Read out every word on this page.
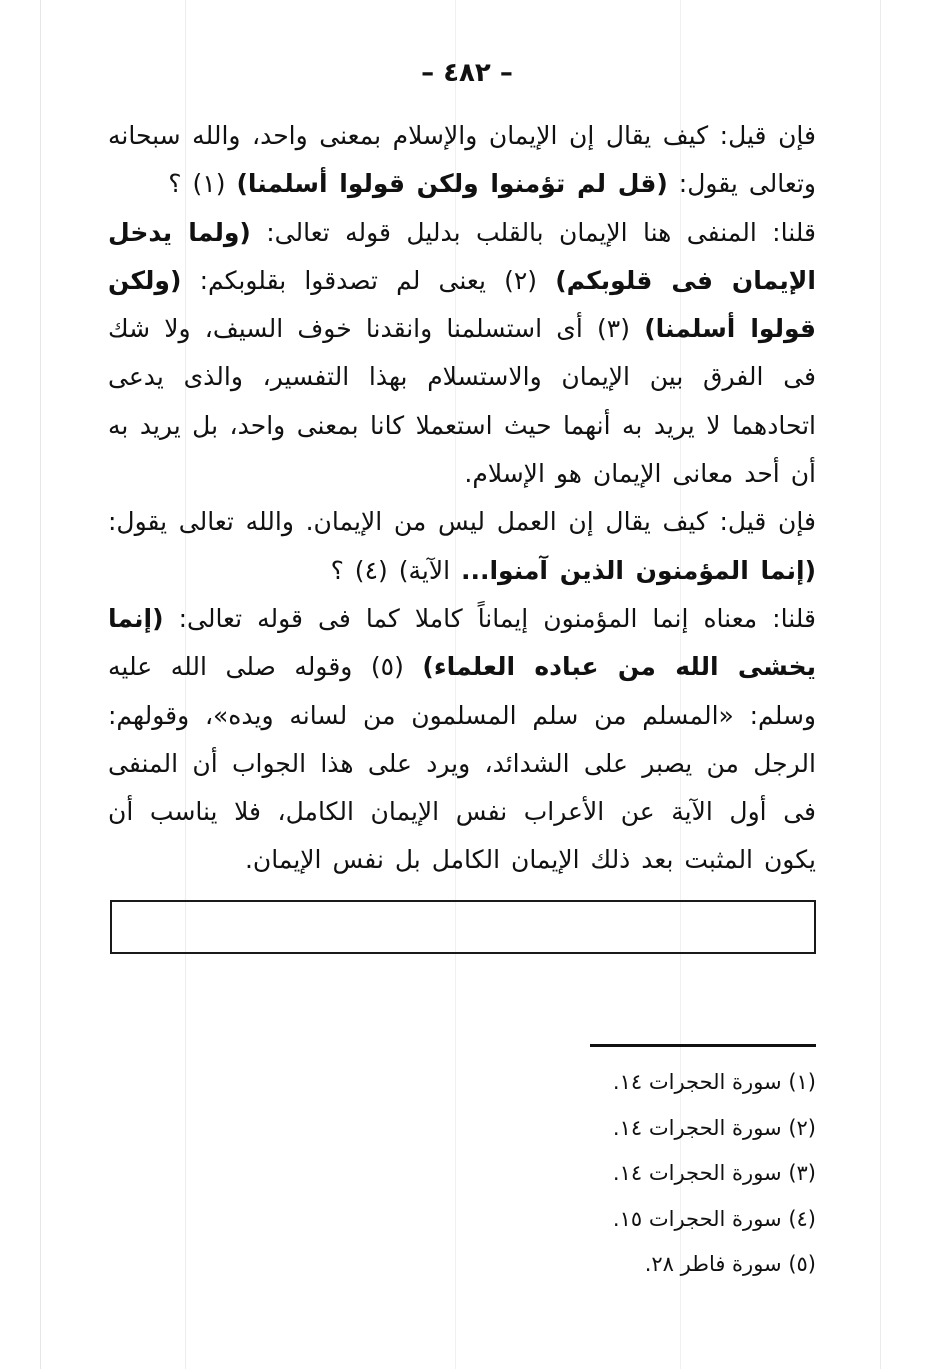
– ٤٨٢ –
فإن قيل: كيف يقال إن الإيمان والإسلام بمعنى واحد، والله سبحانه وتعالى يقول: (قل لم تؤمنوا ولكن قولوا أسلمنا) (١) ؟
قلنا: المنفى هنا الإيمان بالقلب بدليل قوله تعالى: (ولما يدخل الإيمان فى قلوبكم) (٢) يعنى لم تصدقوا بقلوبكم: (ولكن قولوا أسلمنا) (٣) أى استسلمنا وانقدنا خوف السيف، ولا شك فى الفرق بين الإيمان والاستسلام بهذا التفسير، والذى يدعى اتحادهما لا يريد به أنهما حيث استعملا كانا بمعنى واحد، بل يريد به أن أحد معانى الإيمان هو الإسلام.
فإن قيل: كيف يقال إن العمل ليس من الإيمان. والله تعالى يقول: (إنما المؤمنون الذين آمنوا... الآية) (٤) ؟
قلنا: معناه إنما المؤمنون إيماناً كاملا كما فى قوله تعالى: (إنما يخشى الله من عباده العلماء) (٥) وقوله صلى الله عليه وسلم: «المسلم من سلم المسلمون من لسانه ويده»، وقولهم: الرجل من يصبر على الشدائد، ويرد على هذا الجواب أن المنفى فى أول الآية عن الأعراب نفس الإيمان الكامل، فلا يناسب أن يكون المثبت بعد ذلك الإيمان الكامل بل نفس الإيمان.
(١) سورة الحجرات ١٤.
(٢) سورة الحجرات ١٤.
(٣) سورة الحجرات ١٤.
(٤) سورة الحجرات ١٥.
(٥) سورة فاطر ٢٨.
